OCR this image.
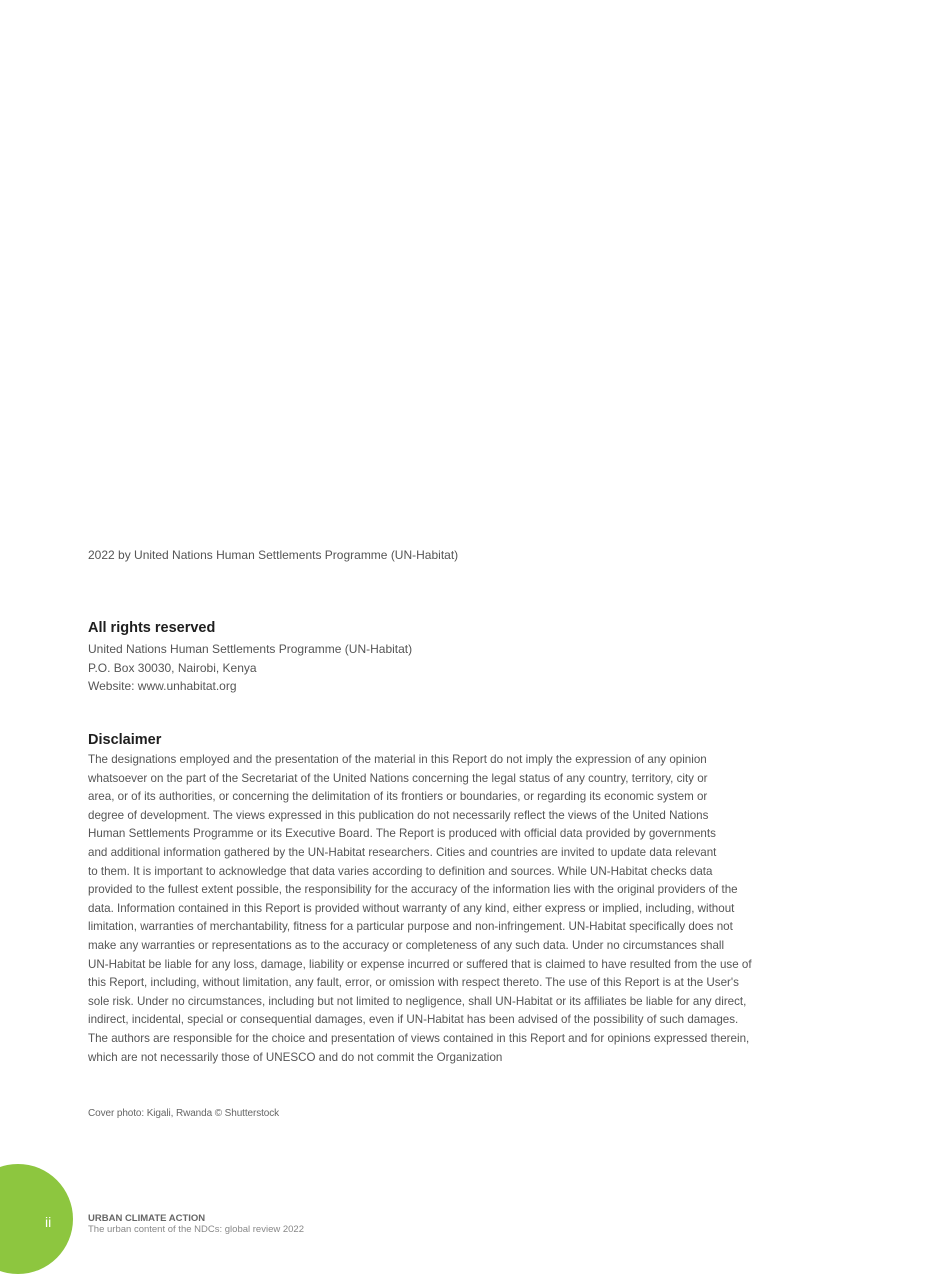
2022 by United Nations Human Settlements Programme (UN-Habitat)

All rights reserved
United Nations Human Settlements Programme (UN-Habitat)
P.O. Box 30030, Nairobi, Kenya
Website: www.unhabitat.org
Disclaimer
The designations employed and the presentation of the material in this Report do not imply the expression of any opinion
whatsoever on the part of the Secretariat of the United Nations concerning the legal status of any country, territory, city or
area, or of its authorities, or concerning the delimitation of its frontiers or boundaries, or regarding its economic system or
degree of development. The views expressed in this publication do not necessarily reflect the views of the United Nations
Human Settlements Programme or its Executive Board. The Report is produced with official data provided by governments
and additional information gathered by the UN-Habitat researchers. Cities and countries are invited to update data relevant
to them. It is important to acknowledge that data varies according to definition and sources. While UN-Habitat checks data
provided to the fullest extent possible, the responsibility for the accuracy of the information lies with the original providers of the
data. Information contained in this Report is provided without warranty of any kind, either express or implied, including, without
limitation, warranties of merchantability, fitness for a particular purpose and non-infringement. UN-Habitat specifically does not
make any warranties or representations as to the accuracy or completeness of any such data. Under no circumstances shall
UN-Habitat be liable for any loss, damage, liability or expense incurred or suffered that is claimed to have resulted from the use of
this Report, including, without limitation, any fault, error, or omission with respect thereto. The use of this Report is at the User's
sole risk. Under no circumstances, including but not limited to negligence, shall UN-Habitat or its affiliates be liable for any direct,
indirect, incidental, special or consequential damages, even if UN-Habitat has been advised of the possibility of such damages.
The authors are responsible for the choice and presentation of views contained in this Report and for opinions expressed therein,
which are not necessarily those of UNESCO and do not commit the Organization
Cover photo: Kigali, Rwanda © Shutterstock
ii	URBAN CLIMATE ACTION
The urban content of the NDCs: global review 2022
